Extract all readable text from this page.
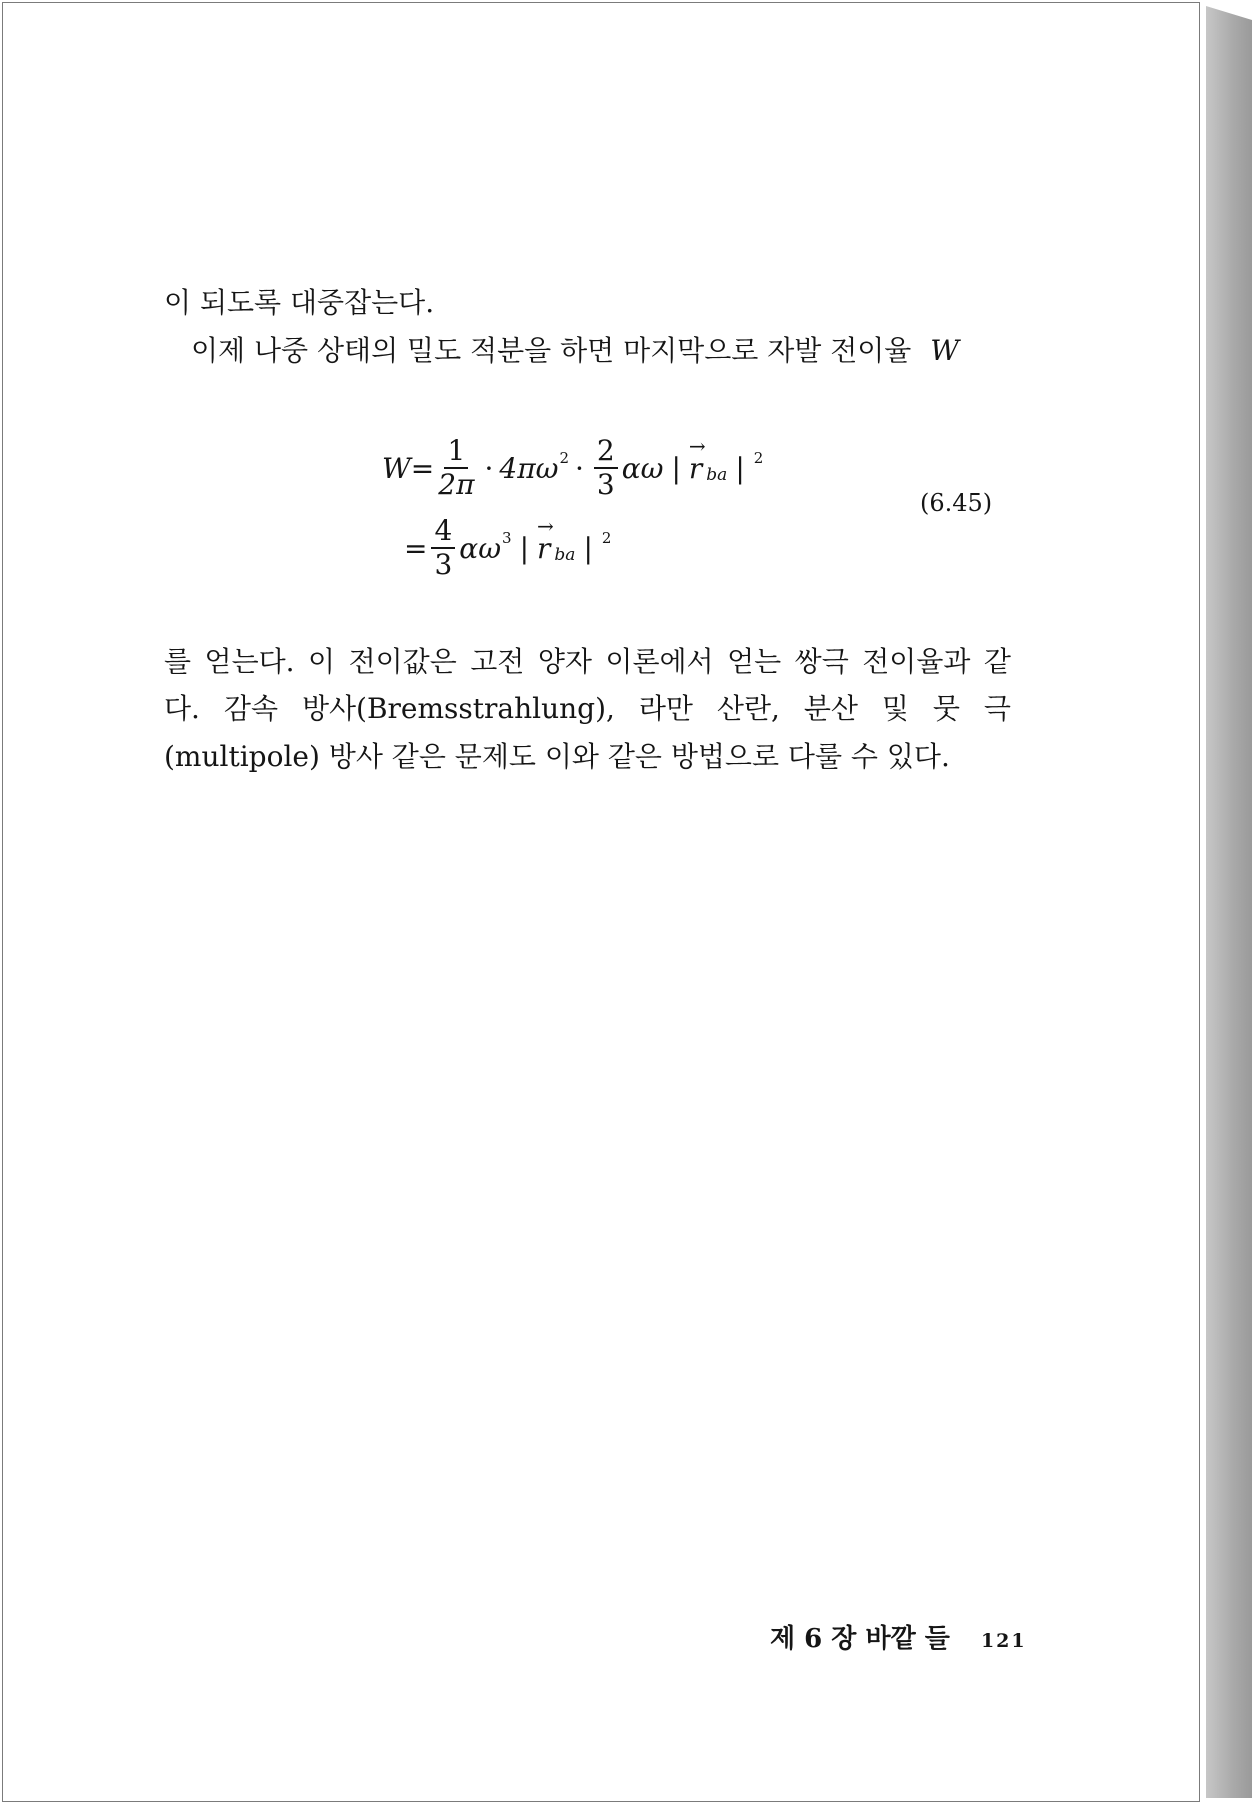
이 되도록 대중잡는다.
이제 나중 상태의 밀도 적분을 하면 마지막으로 자발 전이율 W
$W = \frac{1}{2\pi} \cdot 4\pi\omega$ $2 \cdot \frac{2}{3}$ αω |
→
r ba | 2
= $\frac{4}{3}$ αω 3 |
→
r ba | 2
(6.45)
를 얻는다. 이 전이값은 고전 양자 이론에서 얻는 쌍극 전이율과 같
다. 감속 방사(Bremsstrahlung), 라만 산란, 분산 및 뭇 극
(multipole) 방사 같은 문제도 이와 같은 방법으로 다룰 수 있다.
제 6 장 바깥 들 121
